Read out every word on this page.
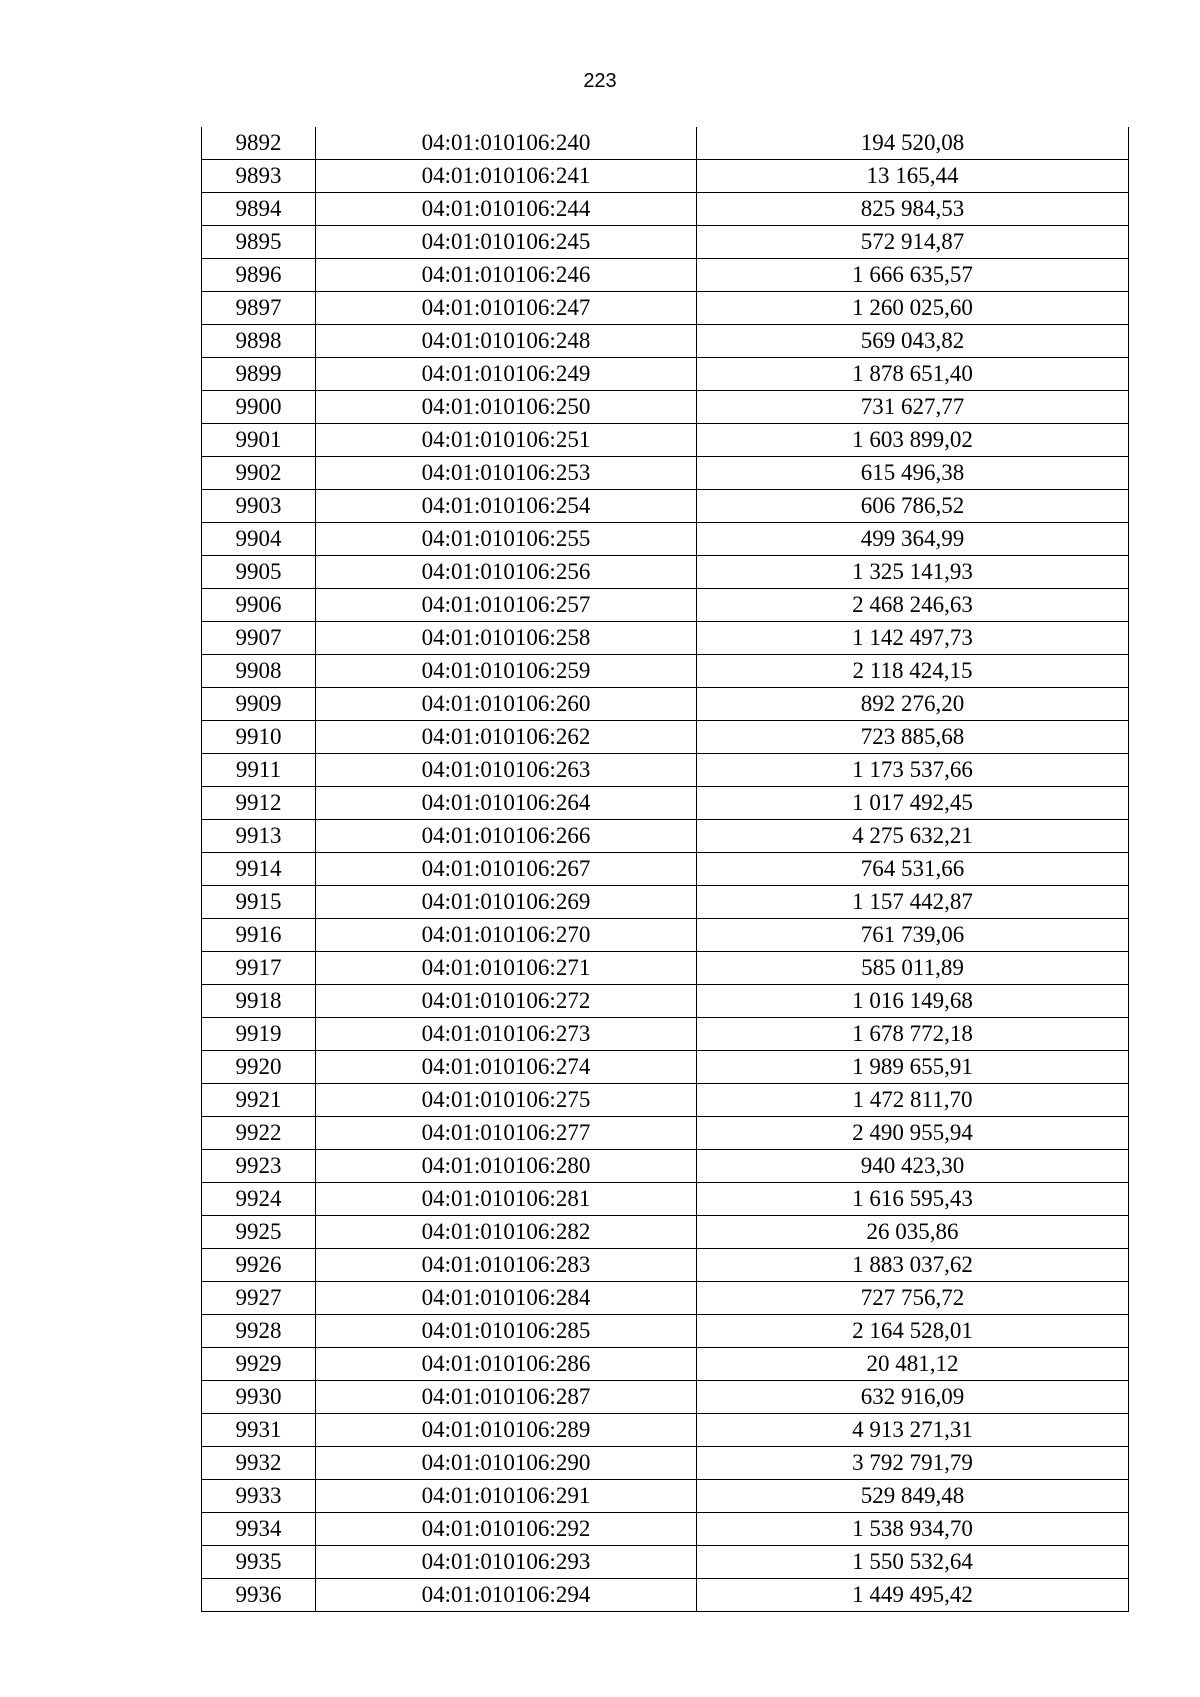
223
9892	04:01:010106:240	194 520,08
9893	04:01:010106:241	13 165,44
9894	04:01:010106:244	825 984,53
9895	04:01:010106:245	572 914,87
9896	04:01:010106:246	1 666 635,57
9897	04:01:010106:247	1 260 025,60
9898	04:01:010106:248	569 043,82
9899	04:01:010106:249	1 878 651,40
9900	04:01:010106:250	731 627,77
9901	04:01:010106:251	1 603 899,02
9902	04:01:010106:253	615 496,38
9903	04:01:010106:254	606 786,52
9904	04:01:010106:255	499 364,99
9905	04:01:010106:256	1 325 141,93
9906	04:01:010106:257	2 468 246,63
9907	04:01:010106:258	1 142 497,73
9908	04:01:010106:259	2 118 424,15
9909	04:01:010106:260	892 276,20
9910	04:01:010106:262	723 885,68
9911	04:01:010106:263	1 173 537,66
9912	04:01:010106:264	1 017 492,45
9913	04:01:010106:266	4 275 632,21
9914	04:01:010106:267	764 531,66
9915	04:01:010106:269	1 157 442,87
9916	04:01:010106:270	761 739,06
9917	04:01:010106:271	585 011,89
9918	04:01:010106:272	1 016 149,68
9919	04:01:010106:273	1 678 772,18
9920	04:01:010106:274	1 989 655,91
9921	04:01:010106:275	1 472 811,70
9922	04:01:010106:277	2 490 955,94
9923	04:01:010106:280	940 423,30
9924	04:01:010106:281	1 616 595,43
9925	04:01:010106:282	26 035,86
9926	04:01:010106:283	1 883 037,62
9927	04:01:010106:284	727 756,72
9928	04:01:010106:285	2 164 528,01
9929	04:01:010106:286	20 481,12
9930	04:01:010106:287	632 916,09
9931	04:01:010106:289	4 913 271,31
9932	04:01:010106:290	3 792 791,79
9933	04:01:010106:291	529 849,48
9934	04:01:010106:292	1 538 934,70
9935	04:01:010106:293	1 550 532,64
9936	04:01:010106:294	1 449 495,42
